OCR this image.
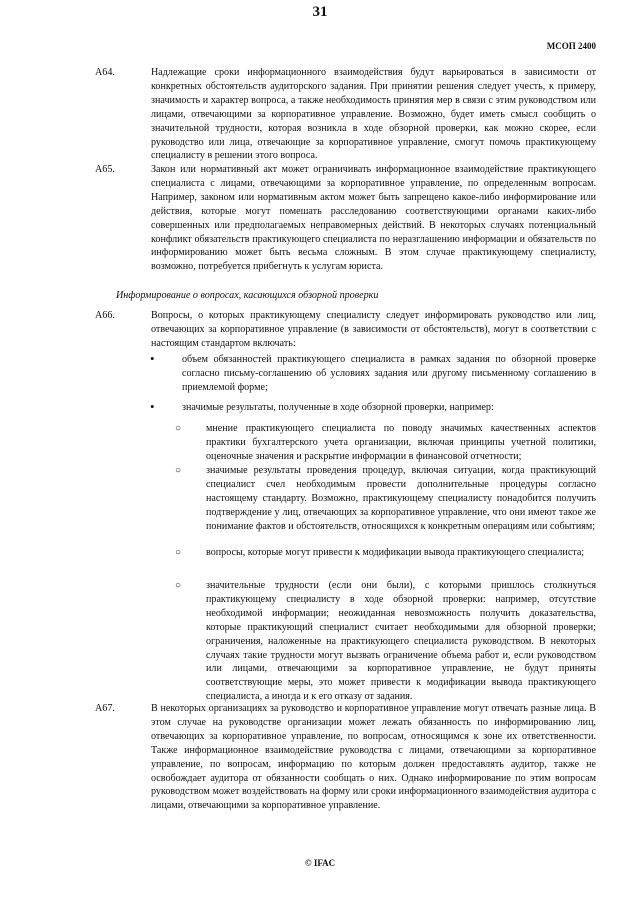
31
МСОП 2400
A64.	Надлежащие сроки информационного взаимодействия будут варьироваться в зависимости от конкретных обстоятельств аудиторского задания. При принятии решения следует учесть, к примеру, значимость и характер вопроса, а также необходимость принятия мер в связи с этим руководством или лицами, отвечающими за корпоративное управление. Возможно, будет иметь смысл сообщить о значительной трудности, которая возникла в ходе обзорной проверки, как можно скорее, если руководство или лица, отвечающие за корпоративное управление, смогут помочь практикующему специалисту в решении этого вопроса.
A65.	Закон или нормативный акт может ограничивать информационное взаимодействие практикующего специалиста с лицами, отвечающими за корпоративное управление, по определенным вопросам. Например, законом или нормативным актом может быть запрещено какое-либо информирование или действия, которые могут помешать расследованию соответствующими органами каких-либо совершенных или предполагаемых неправомерных действий. В некоторых случаях потенциальный конфликт обязательств практикующего специалиста по неразглашению информации и обязательств по информированию может быть весьма сложным. В этом случае практикующему специалисту, возможно, потребуется прибегнуть к услугам юриста.
Информирование о вопросах, касающихся обзорной проверки
A66.	Вопросы, о которых практикующему специалисту следует информировать руководство или лиц, отвечающих за корпоративное управление (в зависимости от обстоятельств), могут в соответствии с настоящим стандартом включать:
•	объем обязанностей практикующего специалиста в рамках задания по обзорной проверке согласно письму-соглашению об условиях задания или другому письменному соглашению в приемлемой форме;
•	значимые результаты, полученные в ходе обзорной проверки, например:
○ мнение практикующего специалиста по поводу значимых качественных аспектов практики бухгалтерского учета организации, включая принципы учетной политики, оценочные значения и раскрытие информации в финансовой отчетности;
○ значимые результаты проведения процедур, включая ситуации, когда практикующий специалист счел необходимым провести дополнительные процедуры согласно настоящему стандарту. Возможно, практикующему специалисту понадобится получить подтверждение у лиц, отвечающих за корпоративное управление, что они имеют такое же понимание фактов и обстоятельств, относящихся к конкретным операциям или событиям;
○ вопросы, которые могут привести к модификации вывода практикующего специалиста;
○ значительные трудности (если они были), с которыми пришлось столкнуться практикующему специалисту в ходе обзорной проверки: например, отсутствие необходимой информации; неожиданная невозможность получить доказательства, которые практикующий специалист считает необходимыми для обзорной проверки; ограничения, наложенные на практикующего специалиста руководством. В некоторых случаях такие трудности могут вызвать ограничение объема работ и, если руководством или лицами, отвечающими за корпоративное управление, не будут приняты соответствующие меры, это может привести к модификации вывода практикующего специалиста, а иногда и к его отказу от задания.
A67.	В некоторых организациях за руководство и корпоративное управление могут отвечать разные лица. В этом случае на руководстве организации может лежать обязанность по информированию лиц, отвечающих за корпоративное управление, по вопросам, относящимся к зоне их ответственности. Также информационное взаимодействие руководства с лицами, отвечающими за корпоративное управление, по вопросам, информацию по которым должен предоставлять аудитор, также не освобождает аудитора от обязанности сообщать о них. Однако информирование по этим вопросам руководством может воздействовать на форму или сроки информационного взаимодействия аудитора с лицами, отвечающими за корпоративное управление.
© IFAC
